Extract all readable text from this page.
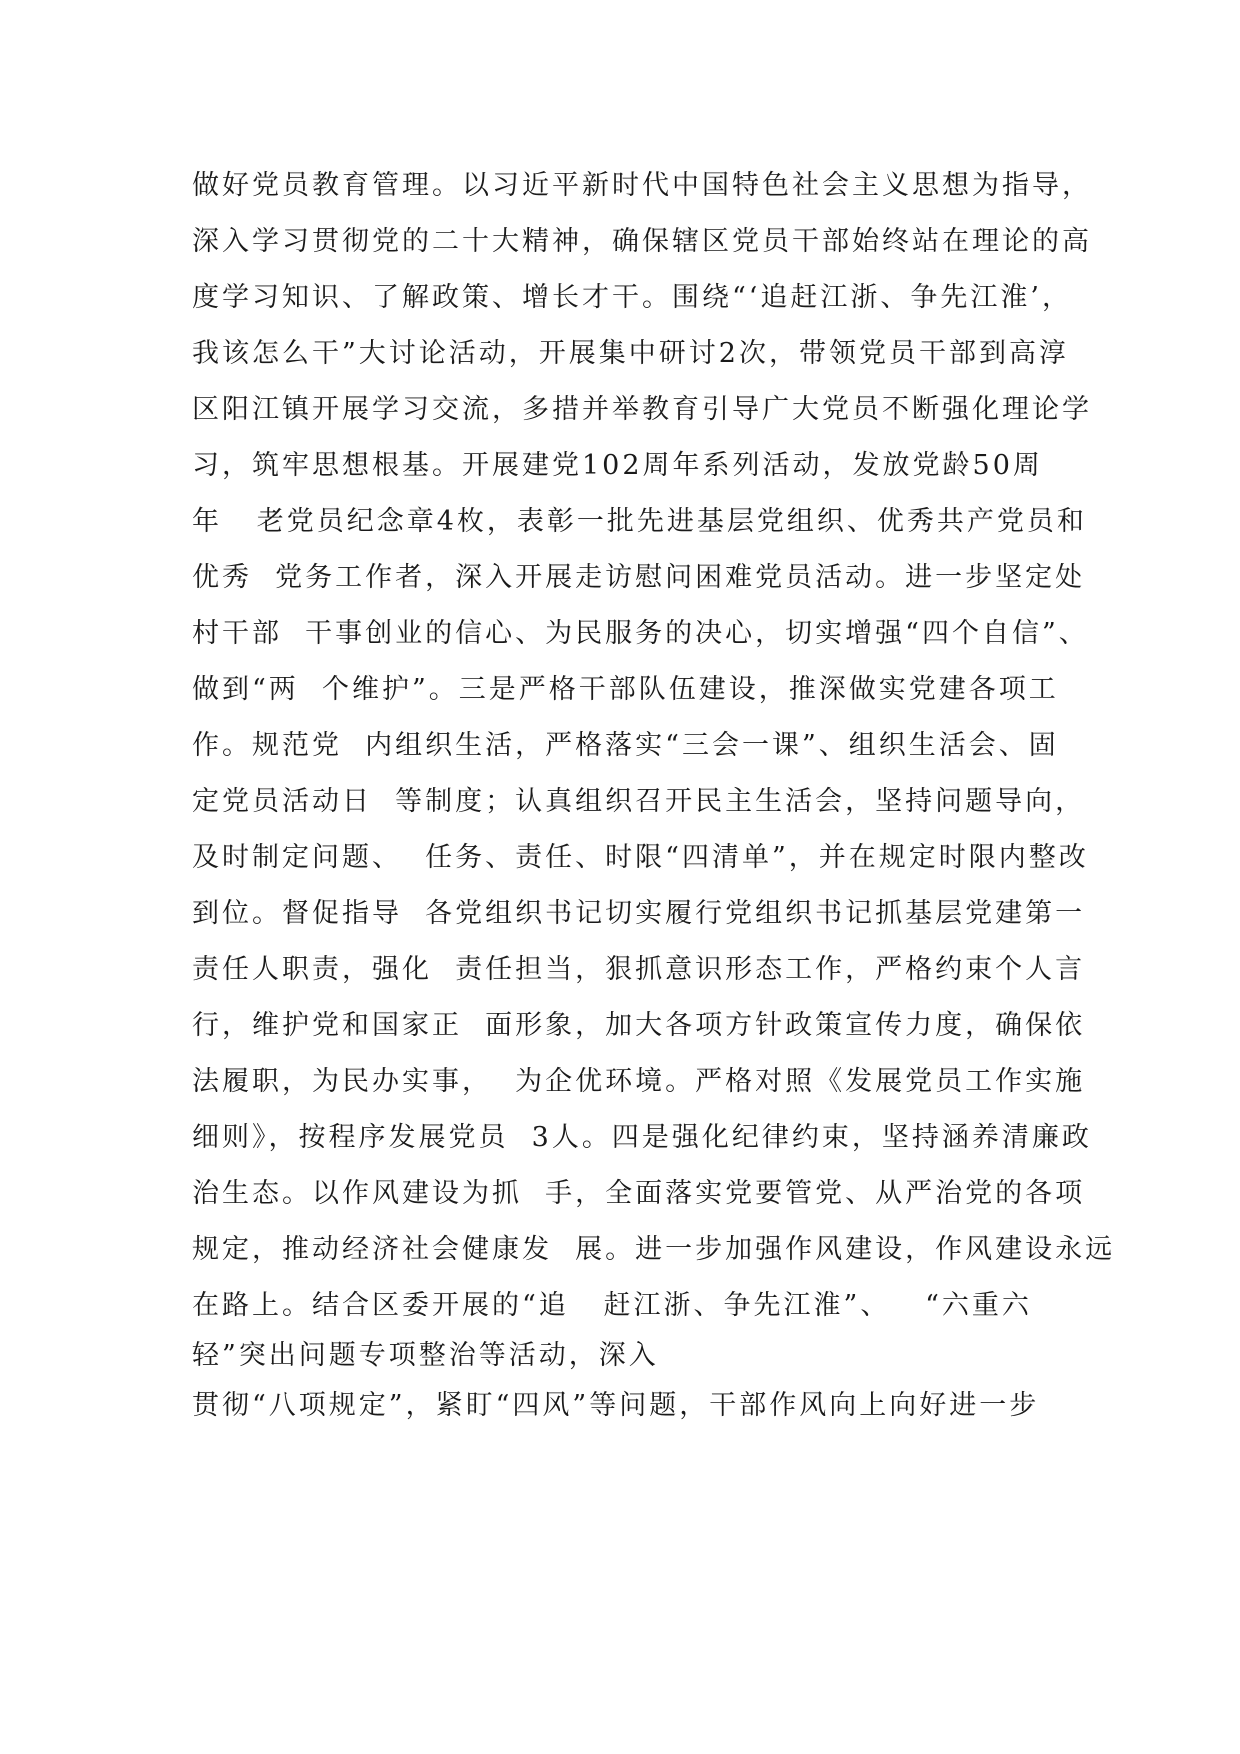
做好党员教育管理。以习近平新时代中国特色社会主义思想为指导，

深入学习贯彻党的二十大精神，确保辖区党员干部始终站在理论的高

度学习知识、了解政策、增长才干。围绕“‘追赶江浙、争先江淮’，

我该怎么干”大讨论活动，开展集中研讨2次，带领党员干部到高淳

区阳江镇开展学习交流，多措并举教育引导广大党员不断强化理论学

习，筑牢思想根基。开展建党102周年系列活动，发放党龄50周

年   老党员纪念章4枚，表彰一批先进基层党组织、优秀共产党员和

优秀  党务工作者，深入开展走访慰问困难党员活动。进一步坚定处

村干部  干事创业的信心、为民服务的决心，切实增强“四个自信”、

做到“两  个维护”。三是严格干部队伍建设，推深做实党建各项工

作。规范党  内组织生活，严格落实“三会一课”、组织生活会、固

定党员活动日  等制度；认真组织召开民主生活会，坚持问题导向，

及时制定问题、  任务、责任、时限“四清单”，并在规定时限内整改

到位。督促指导  各党组织书记切实履行党组织书记抓基层党建第一

责任人职责，强化  责任担当，狠抓意识形态工作，严格约束个人言

行，维护党和国家正  面形象，加大各项方针政策宣传力度，确保依

法履职，为民办实事，  为企优环境。严格对照《发展党员工作实施

细则》，按程序发展党员  3人。四是强化纪律约束，坚持涵养清廉政

治生态。以作风建设为抓  手，全面落实党要管党、从严治党的各项

规定，推动经济社会健康发  展。进一步加强作风建设，作风建设永远

在路上。结合区委开展的“追   赶江浙、争先江淮”、   “六重六

轻”突出问题专项整治等活动，深入

贯彻“八项规定”，紧盯“四风”等问题，干部作风向上向好进一步
